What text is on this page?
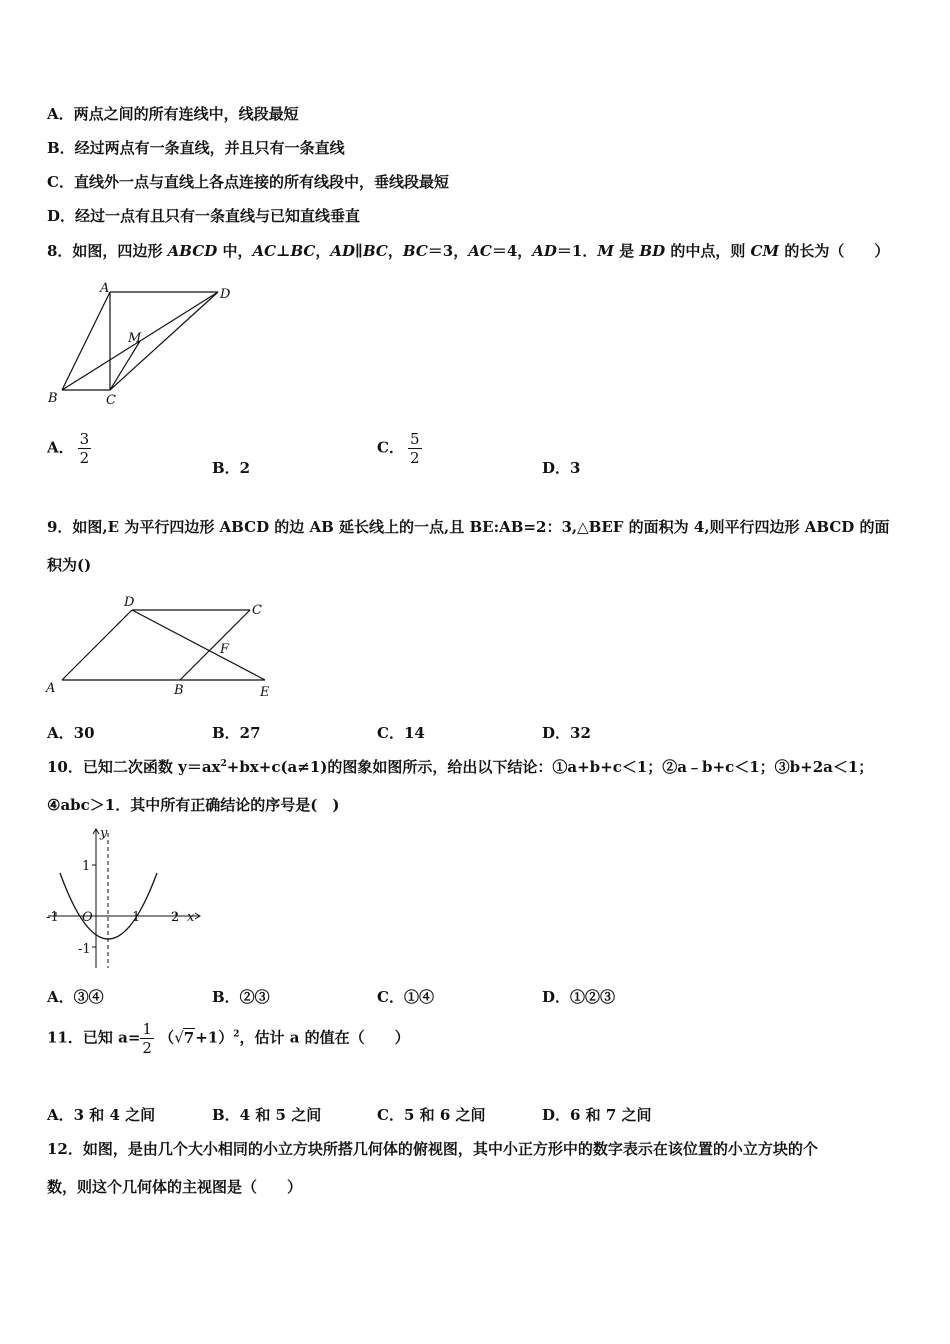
A．两点之间的所有连线中，线段最短
B．经过两点有一条直线，并且只有一条直线
C．直线外一点与直线上各点连接的所有线段中，垂线段最短
D．经过一点有且只有一条直线与已知直线垂直
8．如图，四边形 ABCD 中，AC⊥BC，AD∥BC，BC＝3，AC＝4，AD＝1．M 是 BD 的中点，则 CM 的长为（　　）
A	D
M
B	C
A． $\frac{3}{2}$
B．2
C． $\frac{5}{2}$
D．3
9．如图,E 为平行四边形 ABCD 的边 AB 延长线上的一点,且 BE:AB=2：3,△BEF 的面积为 4,则平行四边形 ABCD 的面
积为()
D
C
F
A	B	E
A．30	B．27	C．14	D．32
10．已知二次函数 $y=ax^2+bx+c(a\ne 1)$的图象如图所示，给出以下结论：①a+b+c＜1；②a﹣b+c＜1；③b+2a＜1；
④abc＞1．其中所有正确结论的序号是(　)
y
x
1
-1 O	1 2
-1
A．③④	B．②③	C．①④	D．①②③
11．已知 $a= \frac{1}{2} (√7+1)^2$，估计 a 的值在（　　）
A．3 和 4 之间	B．4 和 5 之间	C．5 和 6 之间	D．6 和 7 之间
12．如图，是由几个大小相同的小立方块所搭几何体的俯视图，其中小正方形中的数字表示在该位置的小立方块的个
数，则这个几何体的主视图是（　　）
